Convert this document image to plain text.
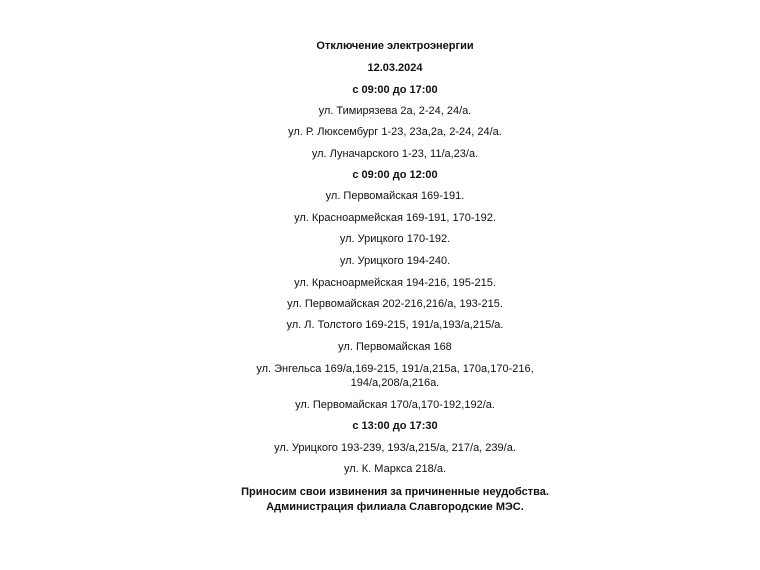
Отключение электроэнергии
12.03.2024
с 09:00 до 17:00
ул. Тимирязева 2а, 2-24, 24/а.
ул. Р. Люксембург 1-23, 23а,2а, 2-24, 24/а.
ул. Луначарского 1-23, 11/а,23/а.
с 09:00 до 12:00
ул. Первомайская 169-191.
ул. Красноармейская 169-191, 170-192.
ул. Урицкого 170-192.
ул. Урицкого 194-240.
ул. Красноармейская 194-216, 195-215.
ул. Первомайская 202-216,216/а, 193-215.
ул. Л. Толстого 169-215, 191/а,193/а,215/а.
ул. Первомайская 168
ул. Энгельса 169/а,169-215, 191/а,215а, 170а,170-216,
194/а,208/а,216а.
ул. Первомайская 170/а,170-192,192/а.
с 13:00 до 17:30
ул. Урицкого 193-239, 193/а,215/а, 217/а, 239/а.
ул. К. Маркса 218/а.
Приносим свои извинения за причиненные неудобства.
Администрация филиала Славгородские МЭС.
